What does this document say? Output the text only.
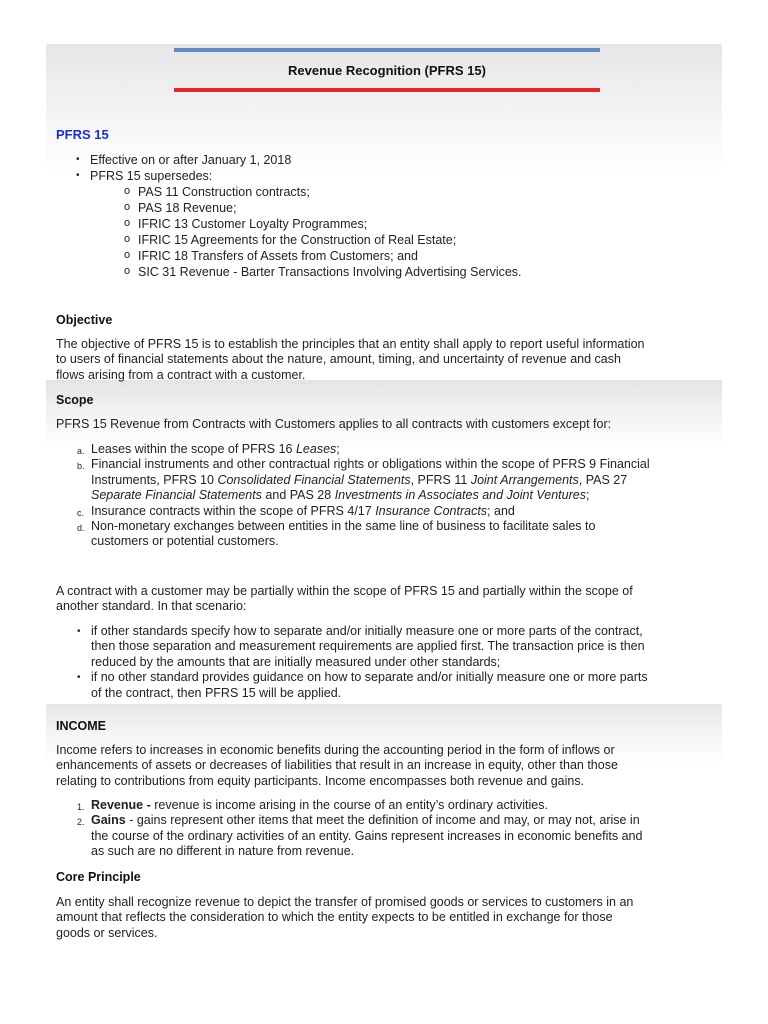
Revenue Recognition (PFRS 15)
PFRS 15
• Effective on or after January 1, 2018
• PFRS 15 supersedes:
o PAS 11 Construction contracts;
o PAS 18 Revenue;
o IFRIC 13 Customer Loyalty Programmes;
o IFRIC 15 Agreements for the Construction of Real Estate;
o IFRIC 18 Transfers of Assets from Customers; and
o SIC 31 Revenue - Barter Transactions Involving Advertising Services.
Objective
The objective of PFRS 15 is to establish the principles that an entity shall apply to report useful information
to users of financial statements about the nature, amount, timing, and uncertainty of revenue and cash
flows arising from a contract with a customer.
Scope
PFRS 15 Revenue from Contracts with Customers applies to all contracts with customers except for:
a. Leases within the scope of PFRS 16 Leases;
b. Financial instruments and other contractual rights or obligations within the scope of PFRS 9 Financial
Instruments, PFRS 10 Consolidated Financial Statements, PFRS 11 Joint Arrangements, PAS 27
Separate Financial Statements and PAS 28 Investments in Associates and Joint Ventures;
c. Insurance contracts within the scope of PFRS 4/17 Insurance Contracts; and
d. Non-monetary exchanges between entities in the same line of business to facilitate sales to
customers or potential customers.
A contract with a customer may be partially within the scope of PFRS 15 and partially within the scope of
another standard. In that scenario:
• if other standards specify how to separate and/or initially measure one or more parts of the contract,
then those separation and measurement requirements are applied first. The transaction price is then
reduced by the amounts that are initially measured under other standards;
• if no other standard provides guidance on how to separate and/or initially measure one or more parts
of the contract, then PFRS 15 will be applied.
INCOME
Income refers to increases in economic benefits during the accounting period in the form of inflows or
enhancements of assets or decreases of liabilities that result in an increase in equity, other than those
relating to contributions from equity participants. Income encompasses both revenue and gains.
1. Revenue - revenue is income arising in the course of an entity’s ordinary activities.
2. Gains - gains represent other items that meet the definition of income and may, or may not, arise in
the course of the ordinary activities of an entity. Gains represent increases in economic benefits and
as such are no different in nature from revenue.
Core Principle
An entity shall recognize revenue to depict the transfer of promised goods or services to customers in an
amount that reflects the consideration to which the entity expects to be entitled in exchange for those
goods or services.
